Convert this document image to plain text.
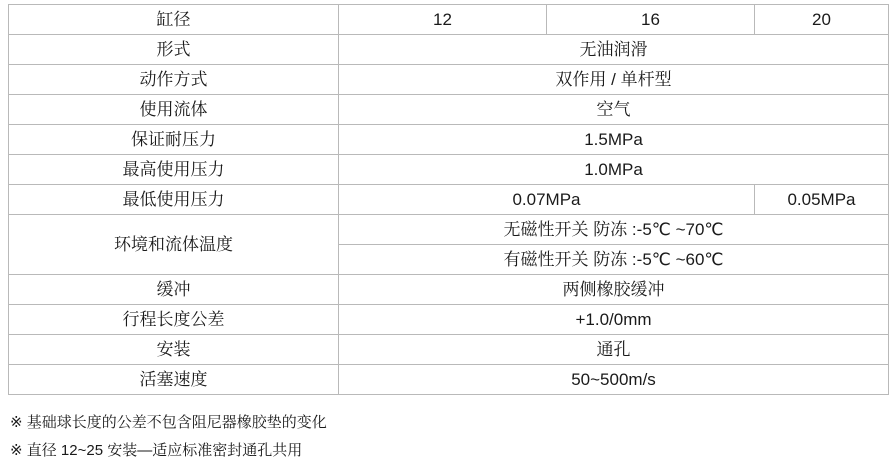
缸径	12	16	20
形式	无油润滑		
动作方式	双作用 / 单杆型		
使用流体	空气		
保证耐压力	1.5MPa		
最高使用压力	1.0MPa		
最低使用压力	0.07MPa		0.05MPa
环境和流体温度	无磁性开关 防冻 :-5℃ ~70℃		
	有磁性开关 防冻 :-5℃ ~60℃		
缓冲	两侧橡胶缓冲		
行程长度公差	+1.0/0mm		
安装	通孔		
活塞速度	50~500m/s		
※ 基础球长度的公差不包含阻尼器橡胶垫的变化
※ 直径 12~25 安装—适应标准密封通孔共用
